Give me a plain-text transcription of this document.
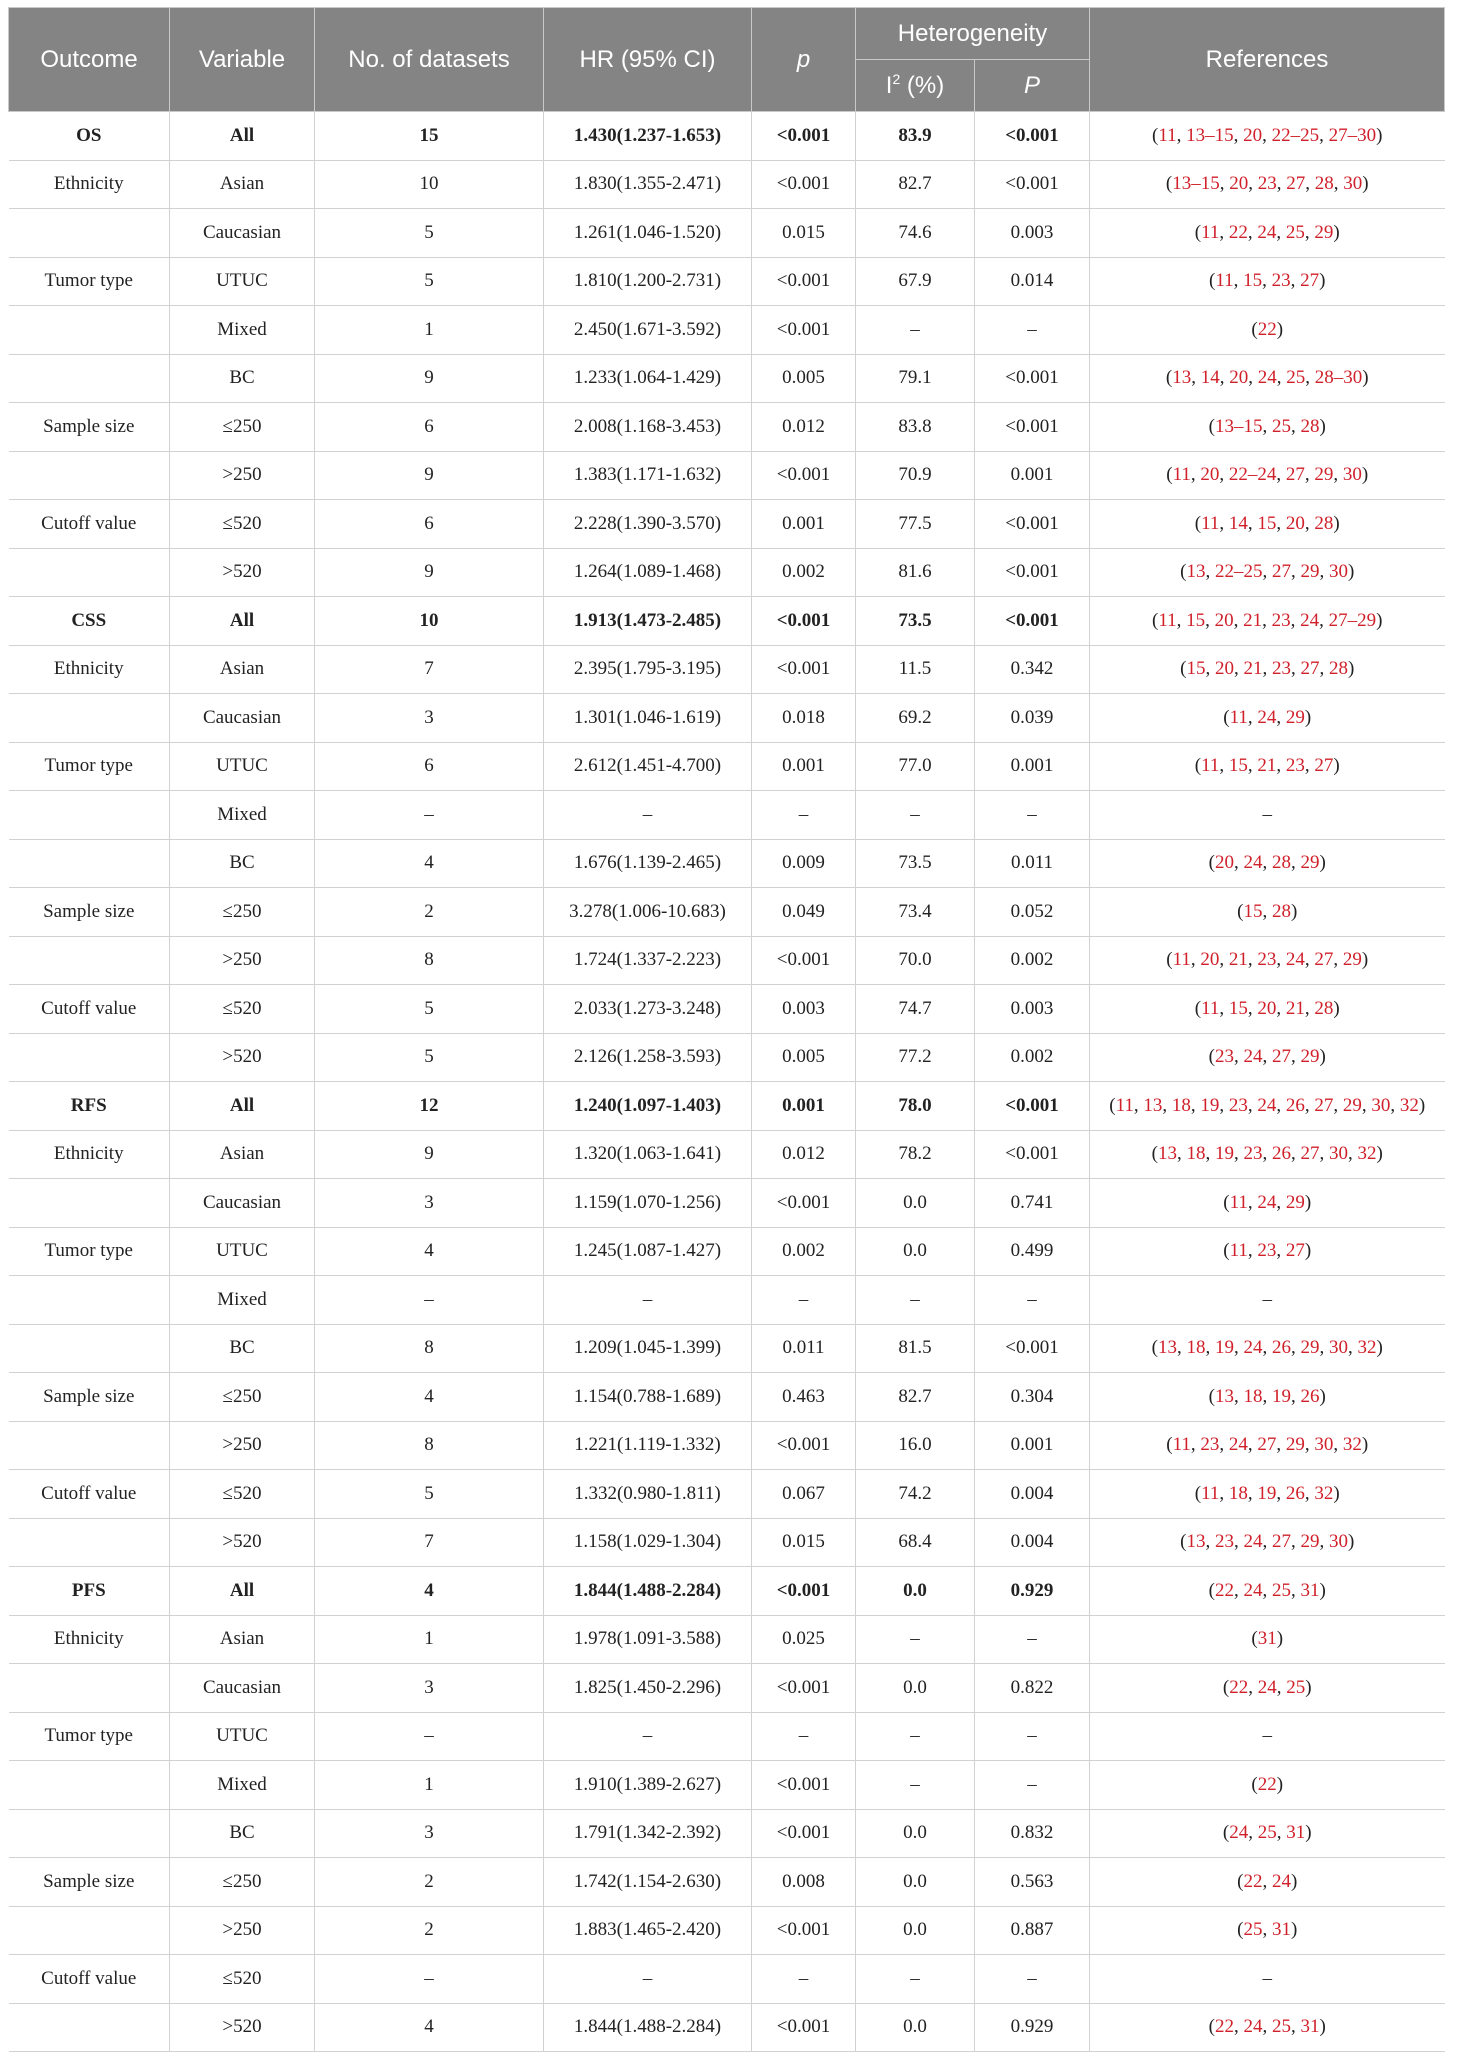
Outcome	Variable	No. of datasets	HR (95% CI)	p	Heterogeneity		References
					$I^2$ (%)	P	
OS	All	15	1.430(1.237-1.653)	<0.001	83.9	<0.001	(11, 13–15, 20, 22–25, 27–30)
Ethnicity	Asian	10	1.830(1.355-2.471)	<0.001	82.7	<0.001	(13–15, 20, 23, 27, 28, 30)
	Caucasian	5	1.261(1.046-1.520)	0.015	74.6	0.003	(11, 22, 24, 25, 29)
Tumor type	UTUC	5	1.810(1.200-2.731)	<0.001	67.9	0.014	(11, 15, 23, 27)
	Mixed	1	2.450(1.671-3.592)	<0.001	–	–	(22)
	BC	9	1.233(1.064-1.429)	0.005	79.1	<0.001	(13, 14, 20, 24, 25, 28–30)
Sample size	≤250	6	2.008(1.168-3.453)	0.012	83.8	<0.001	(13–15, 25, 28)
	>250	9	1.383(1.171-1.632)	<0.001	70.9	0.001	(11, 20, 22–24, 27, 29, 30)
Cutoff value	≤520	6	2.228(1.390-3.570)	0.001	77.5	<0.001	(11, 14, 15, 20, 28)
	>520	9	1.264(1.089-1.468)	0.002	81.6	<0.001	(13, 22–25, 27, 29, 30)
CSS	All	10	1.913(1.473-2.485)	<0.001	73.5	<0.001	(11, 15, 20, 21, 23, 24, 27–29)
Ethnicity	Asian	7	2.395(1.795-3.195)	<0.001	11.5	0.342	(15, 20, 21, 23, 27, 28)
	Caucasian	3	1.301(1.046-1.619)	0.018	69.2	0.039	(11, 24, 29)
Tumor type	UTUC	6	2.612(1.451-4.700)	0.001	77.0	0.001	(11, 15, 21, 23, 27)
	Mixed	–	–	–	–	–	–
	BC	4	1.676(1.139-2.465)	0.009	73.5	0.011	(20, 24, 28, 29)
Sample size	≤250	2	3.278(1.006-10.683)	0.049	73.4	0.052	(15, 28)
	>250	8	1.724(1.337-2.223)	<0.001	70.0	0.002	(11, 20, 21, 23, 24, 27, 29)
Cutoff value	≤520	5	2.033(1.273-3.248)	0.003	74.7	0.003	(11, 15, 20, 21, 28)
	>520	5	2.126(1.258-3.593)	0.005	77.2	0.002	(23, 24, 27, 29)
RFS	All	12	1.240(1.097-1.403)	0.001	78.0	<0.001	(11, 13, 18, 19, 23, 24, 26, 27, 29, 30, 32)
Ethnicity	Asian	9	1.320(1.063-1.641)	0.012	78.2	<0.001	(13, 18, 19, 23, 26, 27, 30, 32)
	Caucasian	3	1.159(1.070-1.256)	<0.001	0.0	0.741	(11, 24, 29)
Tumor type	UTUC	4	1.245(1.087-1.427)	0.002	0.0	0.499	(11, 23, 27)
	Mixed	–	–	–	–	–	–
	BC	8	1.209(1.045-1.399)	0.011	81.5	<0.001	(13, 18, 19, 24, 26, 29, 30, 32)
Sample size	≤250	4	1.154(0.788-1.689)	0.463	82.7	0.304	(13, 18, 19, 26)
	>250	8	1.221(1.119-1.332)	<0.001	16.0	0.001	(11, 23, 24, 27, 29, 30, 32)
Cutoff value	≤520	5	1.332(0.980-1.811)	0.067	74.2	0.004	(11, 18, 19, 26, 32)
	>520	7	1.158(1.029-1.304)	0.015	68.4	0.004	(13, 23, 24, 27, 29, 30)
PFS	All	4	1.844(1.488-2.284)	<0.001	0.0	0.929	(22, 24, 25, 31)
Ethnicity	Asian	1	1.978(1.091-3.588)	0.025	–	–	(31)
	Caucasian	3	1.825(1.450-2.296)	<0.001	0.0	0.822	(22, 24, 25)
Tumor type	UTUC	–	–	–	–	–	–
	Mixed	1	1.910(1.389-2.627)	<0.001	–	–	(22)
	BC	3	1.791(1.342-2.392)	<0.001	0.0	0.832	(24, 25, 31)
Sample size	≤250	2	1.742(1.154-2.630)	0.008	0.0	0.563	(22, 24)
	>250	2	1.883(1.465-2.420)	<0.001	0.0	0.887	(25, 31)
Cutoff value	≤520	–	–	–	–	–	–
	>520	4	1.844(1.488-2.284)	<0.001	0.0	0.929	(22, 24, 25, 31)
